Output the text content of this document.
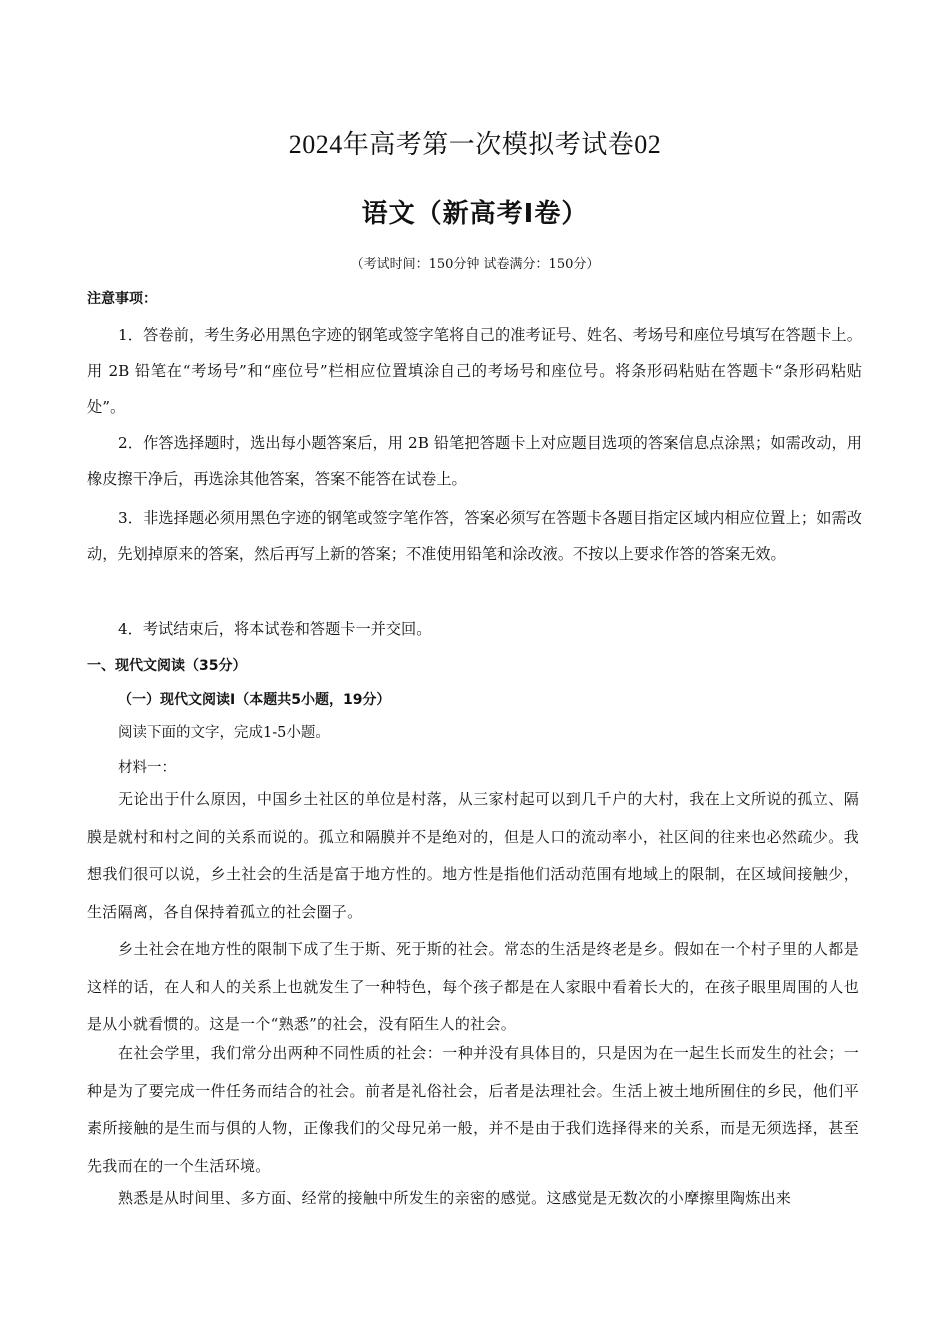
2024年高考第一次模拟考试卷02
语文（新高考Ⅰ卷）
（考试时间：150分钟 试卷满分：150分）
注意事项：

1．答卷前，考生务必用黑色字迹的钢笔或签字笔将自己的准考证号、姓名、考场号和座位号填写在答题卡上。用 2B 铅笔在“考场号”和“座位号”栏相应位置填涂自己的考场号和座位号。将条形码粘贴在答题卡“条形码粘贴处”。

2．作答选择题时，选出每小题答案后，用 2B 铅笔把答题卡上对应题目选项的答案信息点涂黑；如需改动，用橡皮擦干净后，再选涂其他答案，答案不能答在试卷上。

3．非选择题必须用黑色字迹的钢笔或签字笔作答，答案必须写在答题卡各题目指定区域内相应位置上；如需改动，先划掉原来的答案，然后再写上新的答案；不准使用铅笔和涂改液。不按以上要求作答的答案无效。

4．考试结束后，将本试卷和答题卡一并交回。

一、现代文阅读（35分）
（一）现代文阅读Ⅰ（本题共5小题，19分）
阅读下面的文字，完成1-5小题。
材料一：

无论出于什么原因，中国乡土社区的单位是村落，从三家村起可以到几千户的大村，我在上文所说的孤立、隔膜是就村和村之间的关系而说的。孤立和隔膜并不是绝对的，但是人口的流动率小，社区间的往来也必然疏少。我想我们很可以说，乡土社会的生活是富于地方性的。地方性是指他们活动范围有地域上的限制，在区域间接触少，生活隔离，各自保持着孤立的社会圈子。

乡土社会在地方性的限制下成了生于斯、死于斯的社会。常态的生活是终老是乡。假如在一个村子里的人都是这样的话，在人和人的关系上也就发生了一种特色，每个孩子都是在人家眼中看着长大的，在孩子眼里周围的人也是从小就看惯的。这是一个“熟悉”的社会，没有陌生人的社会。

在社会学里，我们常分出两种不同性质的社会：一种并没有具体目的，只是因为在一起生长而发生的社会；一种是为了要完成一件任务而结合的社会。前者是礼俗社会，后者是法理社会。生活上被土地所囿住的乡民，他们平素所接触的是生而与俱的人物，正像我们的父母兄弟一般，并不是由于我们选择得来的关系，而是无须选择，甚至先我而在的一个生活环境。

熟悉是从时间里、多方面、经常的接触中所发生的亲密的感觉。这感觉是无数次的小摩擦里陶炼出来
